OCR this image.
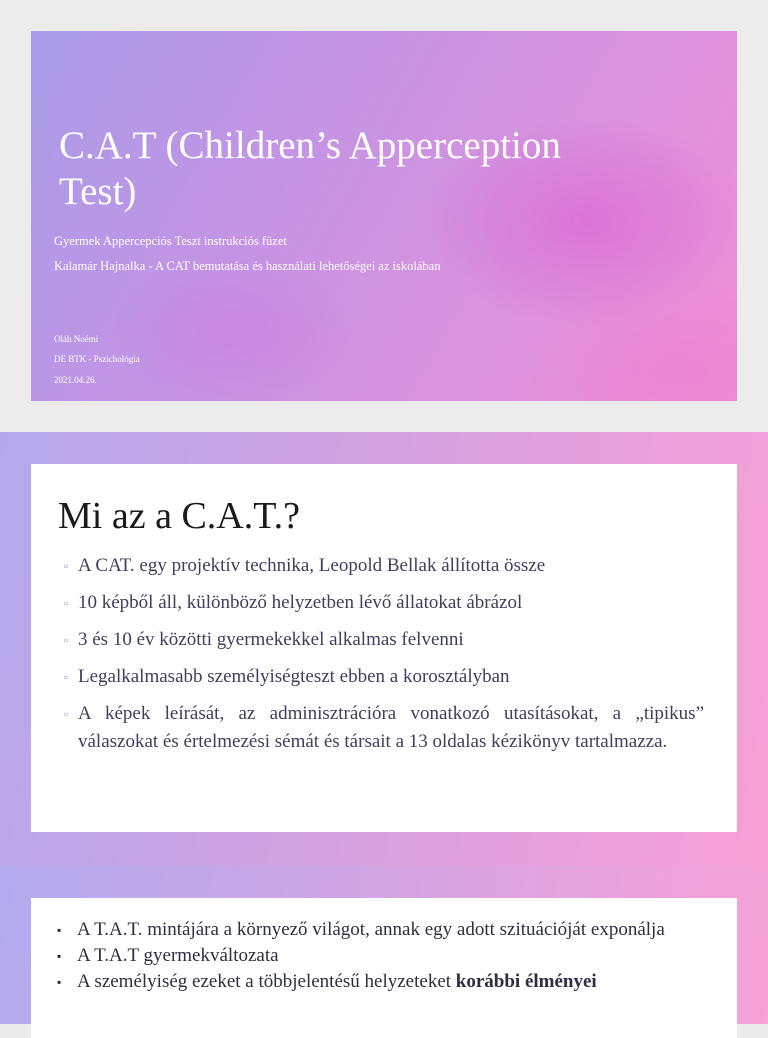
C.A.T (Children’s Apperception Test)
Gyermek Appercepciós Teszt instrukciós füzet
Kalamár Hajnalka - A CAT bemutatása és használati lehetőségei az iskolában
Oláh Noémi
DE BTK - Pszichológia
2021.04.26.
Mi az a C.A.T.?
▫ A CAT. egy projektív technika, Leopold Bellak állította össze
▫ 10 képből áll, különböző helyzetben lévő állatokat ábrázol
▫ 3 és 10 év közötti gyermekekkel alkalmas felvenni
▫ Legalkalmasabb személyiségteszt ebben a korosztályban
▫ A képek leírását, az adminisztrációra vonatkozó utasításokat, a „tipikus” válaszokat és értelmezési sémát és társait a 13 oldalas kézikönyv tartalmazza.
▪ A T.A.T. mintájára a környező világot, annak egy adott szituációját exponálja
▪ A T.A.T gyermekváltozata
▪ A személyiség ezeket a többjelentésű helyzeteket korábbi élményei
